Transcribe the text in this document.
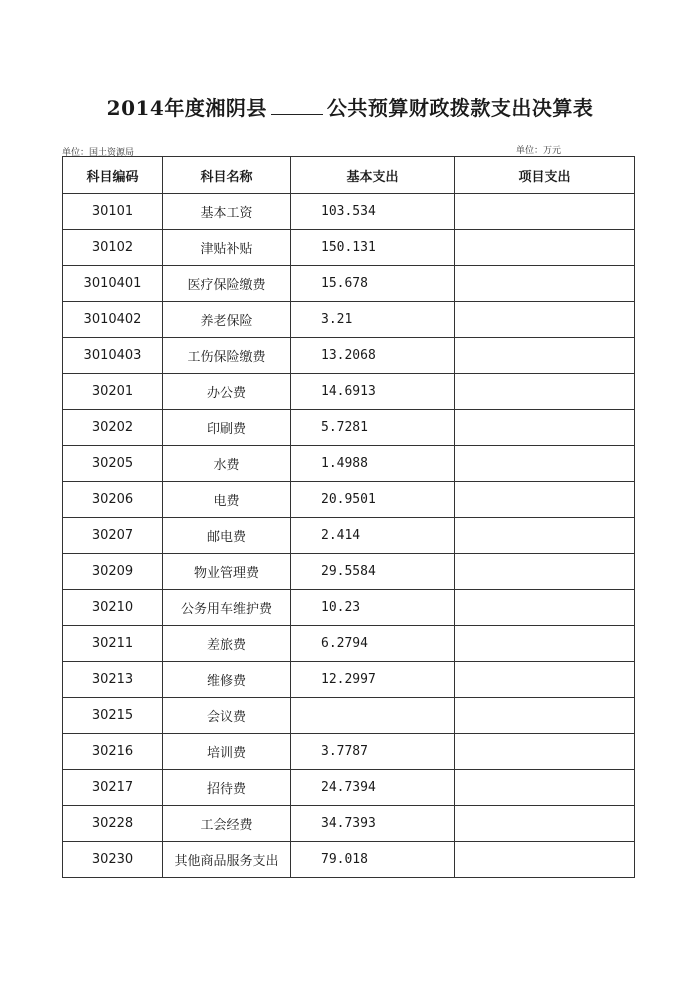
2014年度湘阴县	公共预算财政拨款支出决算表
单位：国土资源局	单位：万元
科目编码	科目名称	基本支出	项目支出
30101	基本工资	103.534	
30102	津贴补贴	150.131	
3010401	医疗保险缴费	15.678	
3010402	养老保险	3.21	
3010403	工伤保险缴费	13.2068	
30201	办公费	14.6913	
30202	印刷费	5.7281	
30205	水费	1.4988	
30206	电费	20.9501	
30207	邮电费	2.414	
30209	物业管理费	29.5584	
30210	公务用车维护费	10.23	
30211	差旅费	6.2794	
30213	维修费	12.2997	
30215	会议费		
30216	培训费	3.7787	
30217	招待费	24.7394	
30228	工会经费	34.7393	
30230	其他商品服务支出	79.018	
